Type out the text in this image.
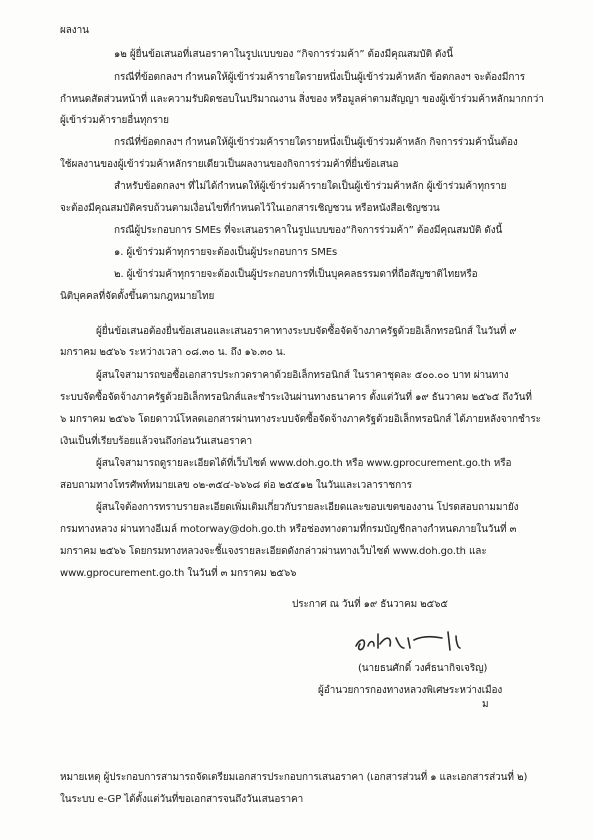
ผลงาน
๑๒ ผู้ยื่นข้อเสนอที่เสนอราคาในรูปแบบของ “กิจการร่วมค้า” ต้องมีคุณสมบัติ ดังนี้
กรณีที่ข้อตกลงฯ กำหนดให้ผู้เข้าร่วมค้ารายใดรายหนึ่งเป็นผู้เข้าร่วมค้าหลัก ข้อตกลงฯ จะต้องมีการ
กำหนดสัดส่วนหน้าที่ และความรับผิดชอบในปริมาณงาน สิ่งของ หรือมูลค่าตามสัญญา ของผู้เข้าร่วมค้าหลักมากกว่า
ผู้เข้าร่วมค้ารายอื่นทุกราย
กรณีที่ข้อตกลงฯ กำหนดให้ผู้เข้าร่วมค้ารายใดรายหนึ่งเป็นผู้เข้าร่วมค้าหลัก กิจการร่วมค้านั้นต้อง
ใช้ผลงานของผู้เข้าร่วมค้าหลักรายเดียวเป็นผลงานของกิจการร่วมค้าที่ยื่นข้อเสนอ
สำหรับข้อตกลงฯ ที่ไม่ได้กำหนดให้ผู้เข้าร่วมค้ารายใดเป็นผู้เข้าร่วมค้าหลัก ผู้เข้าร่วมค้าทุกราย
จะต้องมีคุณสมบัติครบถ้วนตามเงื่อนไขที่กำหนดไว้ในเอกสารเชิญชวน หรือหนังสือเชิญชวน
กรณีผู้ประกอบการ SMEs ที่จะเสนอราคาในรูปแบบของ“กิจการร่วมค้า” ต้องมีคุณสมบัติ ดังนี้
๑. ผู้เข้าร่วมค้าทุกรายจะต้องเป็นผู้ประกอบการ SMEs
๒. ผู้เข้าร่วมค้าทุกรายจะต้องเป็นผู้ประกอบการที่เป็นบุคคลธรรมดาที่ถือสัญชาติไทยหรือ
นิติบุคคลที่จัดตั้งขึ้นตามกฎหมายไทย
ผู้ยื่นข้อเสนอต้องยื่นข้อเสนอและเสนอราคาทางระบบจัดซื้อจัดจ้างภาครัฐด้วยอิเล็กทรอนิกส์ ในวันที่ ๙
มกราคม ๒๕๖๖ ระหว่างเวลา ๐๘.๓๐ น. ถึง ๑๖.๓๐ น.
ผู้สนใจสามารถขอซื้อเอกสารประกวดราคาด้วยอิเล็กทรอนิกส์ ในราคาชุดละ ๕๐๐.๐๐ บาท ผ่านทาง
ระบบจัดซื้อจัดจ้างภาครัฐด้วยอิเล็กทรอนิกส์และชำระเงินผ่านทางธนาคาร ตั้งแต่วันที่ ๑๙ ธันวาคม ๒๕๖๕ ถึงวันที่
๖ มกราคม ๒๕๖๖ โดยดาวน์โหลดเอกสารผ่านทางระบบจัดซื้อจัดจ้างภาครัฐด้วยอิเล็กทรอนิกส์ ได้ภายหลังจากชำระ
เงินเป็นที่เรียบร้อยแล้วจนถึงก่อนวันเสนอราคา
ผู้สนใจสามารถดูรายละเอียดได้ที่เว็บไซต์ www.doh.go.th หรือ www.gprocurement.go.th หรือ
สอบถามทางโทรศัพท์หมายเลข ๐๒-๓๕๔-๖๖๖๘ ต่อ ๒๕๕๑๒ ในวันและเวลาราชการ
ผู้สนใจต้องการทราบรายละเอียดเพิ่มเติมเกี่ยวกับรายละเอียดและขอบเขตของงาน โปรดสอบถามมายัง
กรมทางหลวง ผ่านทางอีเมล์ motorway@doh.go.th หรือช่องทางตามที่กรมบัญชีกลางกำหนดภายในวันที่ ๓
มกราคม ๒๕๖๖ โดยกรมทางหลวงจะชี้แจงรายละเอียดดังกล่าวผ่านทางเว็บไซต์ www.doh.go.th และ
www.gprocurement.go.th ในวันที่ ๓ มกราคม ๒๕๖๖
ประกาศ ณ วันที่ ๑๙ ธันวาคม ๒๕๖๕
(นายธนศักดิ์ วงศ์ธนากิจเจริญ)
ผู้อำนวยการกองทางหลวงพิเศษระหว่างเมือง
ม
หมายเหตุ ผู้ประกอบการสามารถจัดเตรียมเอกสารประกอบการเสนอราคา (เอกสารส่วนที่ ๑ และเอกสารส่วนที่ ๒)
ในระบบ e-GP ได้ตั้งแต่วันที่ขอเอกสารจนถึงวันเสนอราคา
